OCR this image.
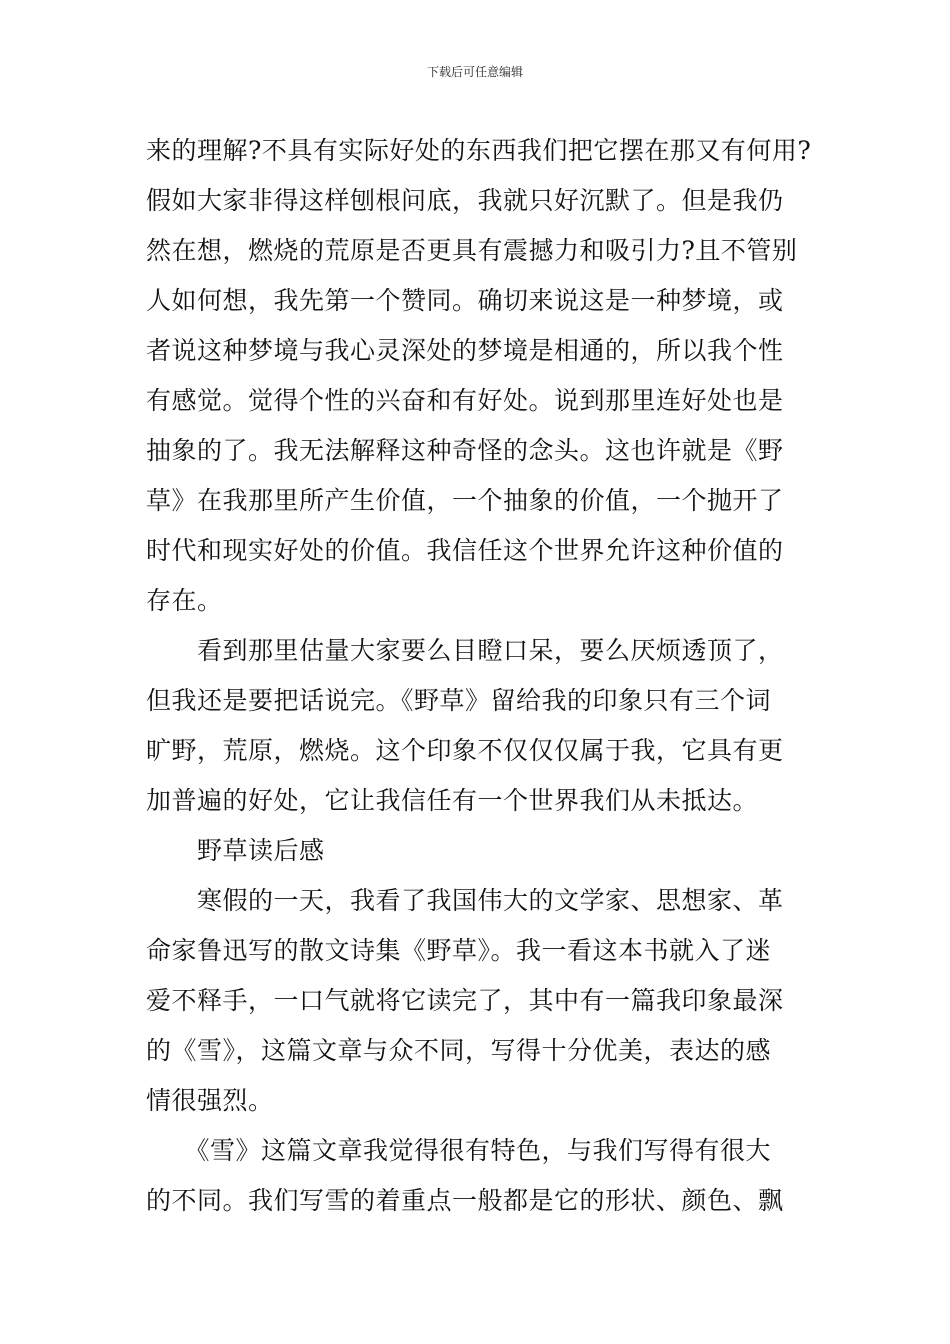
下载后可任意编辑
来的理解?不具有实际好处的东西我们把它摆在那又有何用?
假如大家非得这样刨根问底，我就只好沉默了。但是我仍
然在想，燃烧的荒原是否更具有震撼力和吸引力?且不管别
人如何想，我先第一个赞同。确切来说这是一种梦境，或
者说这种梦境与我心灵深处的梦境是相通的，所以我个性
有感觉。觉得个性的兴奋和有好处。说到那里连好处也是
抽象的了。我无法解释这种奇怪的念头。这也许就是《野
草》在我那里所产生价值，一个抽象的价值，一个抛开了
时代和现实好处的价值。我信任这个世界允许这种价值的
存在。
　　看到那里估量大家要么目瞪口呆，要么厌烦透顶了，
但我还是要把话说完。《野草》留给我的印象只有三个词
旷野，荒原，燃烧。这个印象不仅仅仅属于我，它具有更
加普遍的好处，它让我信任有一个世界我们从未抵达。
　　野草读后感
　　寒假的一天，我看了我国伟大的文学家、思想家、革
命家鲁迅写的散文诗集《野草》。我一看这本书就入了迷
爱不释手，一口气就将它读完了，其中有一篇我印象最深
的《雪》，这篇文章与众不同，写得十分优美，表达的感
情很强烈。
　　《雪》这篇文章我觉得很有特色，与我们写得有很大
的不同。我们写雪的着重点一般都是它的形状、颜色、飘
